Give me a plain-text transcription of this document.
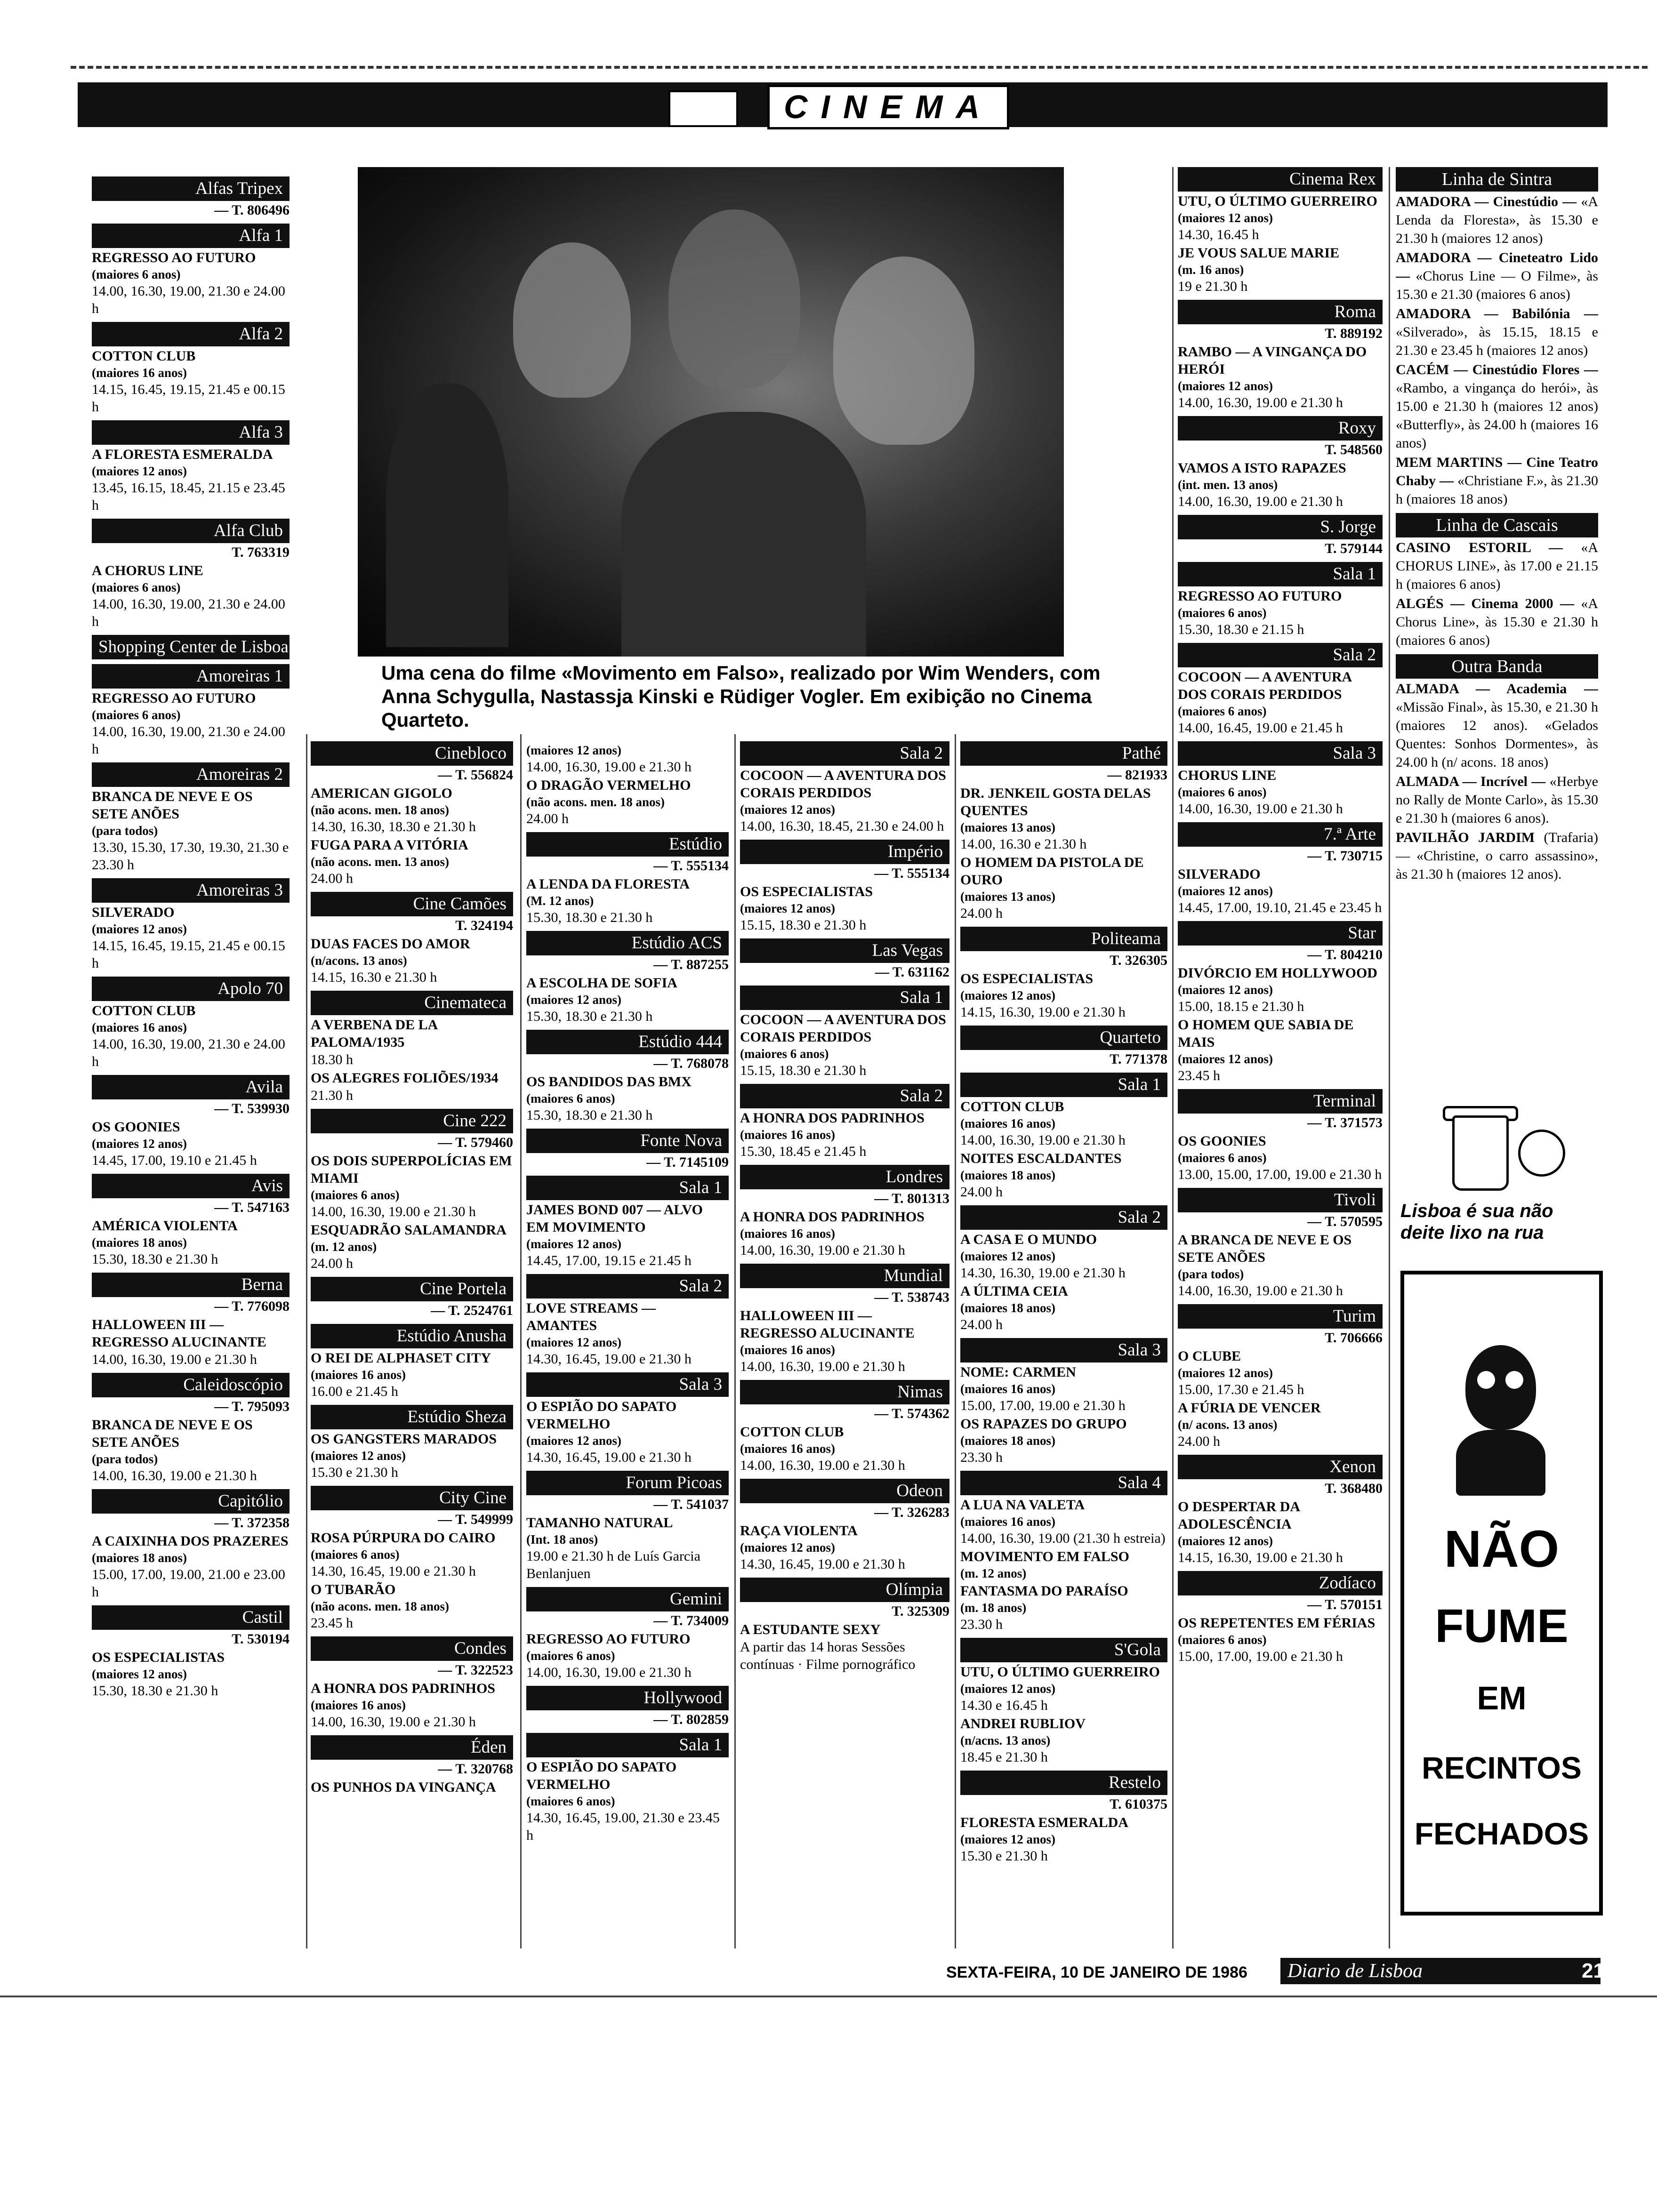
CINEMA
Uma cena do filme «Movimento em Falso», realizado por Wim Wenders, com Anna Schygulla, Nastassja Kinski e Rüdiger Vogler. Em exibição no Cinema Quarteto.
Alfas Tripex
— T. 806496
Alfa 1
REGRESSO AO FUTURO
(maiores 6 anos)
14.00, 16.30, 19.00, 21.30 e 24.00 h
Alfa 2
COTTON CLUB
(maiores 16 anos)
14.15, 16.45, 19.15, 21.45 e 00.15 h
Alfa 3
A FLORESTA ESMERALDA
(maiores 12 anos)
13.45, 16.15, 18.45, 21.15 e 23.45 h
Alfa Club
T. 763319
A CHORUS LINE
(maiores 6 anos)
14.00, 16.30, 19.00, 21.30 e 24.00 h
Shopping Center de Lisboa
Amoreiras 1
REGRESSO AO FUTURO
(maiores 6 anos)
14.00, 16.30, 19.00, 21.30 e 24.00 h
Amoreiras 2
BRANCA DE NEVE E OS SETE ANÕES
(para todos)
13.30, 15.30, 17.30, 19.30, 21.30 e 23.30 h
Amoreiras 3
SILVERADO
(maiores 12 anos)
14.15, 16.45, 19.15, 21.45 e 00.15 h
Apolo 70
COTTON CLUB
(maiores 16 anos)
14.00, 16.30, 19.00, 21.30 e 24.00 h
Avila
— T. 539930
OS GOONIES
(maiores 12 anos)
14.45, 17.00, 19.10 e 21.45 h
Avis
— T. 547163
AMÉRICA VIOLENTA
(maiores 18 anos)
15.30, 18.30 e 21.30 h
Berna
— T. 776098
HALLOWEEN III — REGRESSO ALUCINANTE
14.00, 16.30, 19.00 e 21.30 h
Caleidoscópio
— T. 795093
BRANCA DE NEVE E OS SETE ANÕES
(para todos)
14.00, 16.30, 19.00 e 21.30 h
Capitólio
— T. 372358
A CAIXINHA DOS PRAZERES
(maiores 18 anos)
15.00, 17.00, 19.00, 21.00 e 23.00 h
Castil
T. 530194
OS ESPECIALISTAS
(maiores 12 anos)
15.30, 18.30 e 21.30 h
Cinebloco
— T. 556824
AMERICAN GIGOLO
(não acons. men. 18 anos)
14.30, 16.30, 18.30 e 21.30 h
FUGA PARA A VITÓRIA
(não acons. men. 13 anos)
24.00 h
Cine Camões
T. 324194
DUAS FACES DO AMOR
(n/acons. 13 anos)
14.15, 16.30 e 21.30 h
Cinemateca
A VERBENA DE LA PALOMA/1935
18.30 h
OS ALEGRES FOLIÕES/1934
21.30 h
Cine 222
— T. 579460
OS DOIS SUPERPOLÍCIAS EM MIAMI
(maiores 6 anos)
14.00, 16.30, 19.00 e 21.30 h
ESQUADRÃO SALAMANDRA
(m. 12 anos)
24.00 h
Cine Portela
— T. 2524761
Estúdio Anusha
O REI DE ALPHASET CITY
(maiores 16 anos)
16.00 e 21.45 h
Estúdio Sheza
OS GANGSTERS MARADOS
(maiores 12 anos)
15.30 e 21.30 h
City Cine
— T. 549999
ROSA PÚRPURA DO CAIRO
(maiores 6 anos)
14.30, 16.45, 19.00 e 21.30 h
O TUBARÃO
(não acons. men. 18 anos)
23.45 h
Condes
— T. 322523
A HONRA DOS PADRINHOS
(maiores 16 anos)
14.00, 16.30, 19.00 e 21.30 h
Éden
— T. 320768
OS PUNHOS DA VINGANÇA
(maiores 12 anos)
14.00, 16.30, 19.00 e 21.30 h
O DRAGÃO VERMELHO
(não acons. men. 18 anos)
24.00 h
Estúdio
— T. 555134
A LENDA DA FLORESTA
(M. 12 anos)
15.30, 18.30 e 21.30 h
Estúdio ACS
— T. 887255
A ESCOLHA DE SOFIA
(maiores 12 anos)
15.30, 18.30 e 21.30 h
Estúdio 444
— T. 768078
OS BANDIDOS DAS BMX
(maiores 6 anos)
15.30, 18.30 e 21.30 h
Fonte Nova
— T. 7145109
Sala 1
JAMES BOND 007 — ALVO EM MOVIMENTO
(maiores 12 anos)
14.45, 17.00, 19.15 e 21.45 h
Sala 2
LOVE STREAMS — AMANTES
(maiores 12 anos)
14.30, 16.45, 19.00 e 21.30 h
Sala 3
O ESPIÃO DO SAPATO VERMELHO
(maiores 12 anos)
14.30, 16.45, 19.00 e 21.30 h
Forum Picoas
— T. 541037
TAMANHO NATURAL
(Int. 18 anos)
19.00 e 21.30 h de Luís Garcia Benlanjuen
Gemini
— T. 734009
REGRESSO AO FUTURO
(maiores 6 anos)
14.00, 16.30, 19.00 e 21.30 h
Hollywood
— T. 802859
Sala 1
O ESPIÃO DO SAPATO VERMELHO
(maiores 6 anos)
14.30, 16.45, 19.00, 21.30 e 23.45 h
Sala 2
COCOON — A AVENTURA DOS CORAIS PERDIDOS
(maiores 12 anos)
14.00, 16.30, 18.45, 21.30 e 24.00 h
Império
— T. 555134
OS ESPECIALISTAS
(maiores 12 anos)
15.15, 18.30 e 21.30 h
Las Vegas
— T. 631162
Sala 1
COCOON — A AVENTURA DOS CORAIS PERDIDOS
(maiores 6 anos)
15.15, 18.30 e 21.30 h
Sala 2
A HONRA DOS PADRINHOS
(maiores 16 anos)
15.30, 18.45 e 21.45 h
Londres
— T. 801313
A HONRA DOS PADRINHOS
(maiores 16 anos)
14.00, 16.30, 19.00 e 21.30 h
Mundial
— T. 538743
HALLOWEEN III — REGRESSO ALUCINANTE
(maiores 16 anos)
14.00, 16.30, 19.00 e 21.30 h
Nimas
— T. 574362
COTTON CLUB
(maiores 16 anos)
14.00, 16.30, 19.00 e 21.30 h
Odeon
— T. 326283
RAÇA VIOLENTA
(maiores 12 anos)
14.30, 16.45, 19.00 e 21.30 h
Olímpia
T. 325309
A ESTUDANTE SEXY
A partir das 14 horas Sessões contínuas · Filme pornográfico
Pathé
— 821933
DR. JENKEIL GOSTA DELAS QUENTES
(maiores 13 anos)
14.00, 16.30 e 21.30 h
O HOMEM DA PISTOLA DE OURO
(maiores 13 anos)
24.00 h
Politeama
T. 326305
OS ESPECIALISTAS
(maiores 12 anos)
14.15, 16.30, 19.00 e 21.30 h
Quarteto
T. 771378
Sala 1
COTTON CLUB
(maiores 16 anos)
14.00, 16.30, 19.00 e 21.30 h
NOITES ESCALDANTES
(maiores 18 anos)
24.00 h
Sala 2
A CASA E O MUNDO
(maiores 12 anos)
14.30, 16.30, 19.00 e 21.30 h
A ÚLTIMA CEIA
(maiores 18 anos)
24.00 h
Sala 3
NOME: CARMEN
(maiores 16 anos)
15.00, 17.00, 19.00 e 21.30 h
OS RAPAZES DO GRUPO
(maiores 18 anos)
23.30 h
Sala 4
A LUA NA VALETA
(maiores 16 anos)
14.00, 16.30, 19.00 (21.30 h estreia)
MOVIMENTO EM FALSO
(m. 12 anos)
FANTASMA DO PARAÍSO
(m. 18 anos)
23.30 h
S'Gola
UTU, O ÚLTIMO GUERREIRO
(maiores 12 anos)
14.30 e 16.45 h
ANDREI RUBLIOV
(n/acns. 13 anos)
18.45 e 21.30 h
Restelo
T. 610375
FLORESTA ESMERALDA
(maiores 12 anos)
15.30 e 21.30 h
Cinema Rex
UTU, O ÚLTIMO GUERREIRO
(maiores 12 anos)
14.30, 16.45 h
JE VOUS SALUE MARIE
(m. 16 anos)
19 e 21.30 h
Roma
T. 889192
RAMBO — A VINGANÇA DO HERÓI
(maiores 12 anos)
14.00, 16.30, 19.00 e 21.30 h
Roxy
T. 548560
VAMOS A ISTO RAPAZES
(int. men. 13 anos)
14.00, 16.30, 19.00 e 21.30 h
S. Jorge
T. 579144
Sala 1
REGRESSO AO FUTURO
(maiores 6 anos)
15.30, 18.30 e 21.15 h
Sala 2
COCOON — A AVENTURA DOS CORAIS PERDIDOS
(maiores 6 anos)
14.00, 16.45, 19.00 e 21.45 h
Sala 3
CHORUS LINE
(maiores 6 anos)
14.00, 16.30, 19.00 e 21.30 h
7.ª Arte
— T. 730715
SILVERADO
(maiores 12 anos)
14.45, 17.00, 19.10, 21.45 e 23.45 h
Star
— T. 804210
DIVÓRCIO EM HOLLYWOOD
(maiores 12 anos)
15.00, 18.15 e 21.30 h
O HOMEM QUE SABIA DE MAIS
(maiores 12 anos)
23.45 h
Terminal
— T. 371573
OS GOONIES
(maiores 6 anos)
13.00, 15.00, 17.00, 19.00 e 21.30 h
Tivoli
— T. 570595
A BRANCA DE NEVE E OS SETE ANÕES
(para todos)
14.00, 16.30, 19.00 e 21.30 h
Turim
T. 706666
O CLUBE
(maiores 12 anos)
15.00, 17.30 e 21.45 h
A FÚRIA DE VENCER
(n/ acons. 13 anos)
24.00 h
Xenon
T. 368480
O DESPERTAR DA ADOLESCÊNCIA
(maiores 12 anos)
14.15, 16.30, 19.00 e 21.30 h
Zodíaco
— T. 570151
OS REPETENTES EM FÉRIAS
(maiores 6 anos)
15.00, 17.00, 19.00 e 21.30 h
Linha de Sintra
AMADORA — Cinestúdio — «A Lenda da Floresta», às 15.30 e 21.30 h (maiores 12 anos)
AMADORA — Cineteatro Lido — «Chorus Line — O Filme», às 15.30 e 21.30 (maiores 6 anos)
AMADORA — Babilónia — «Silverado», às 15.15, 18.15 e 21.30 e 23.45 h (maiores 12 anos)
CACÉM — Cinestúdio Flores — «Rambo, a vingança do herói», às 15.00 e 21.30 h (maiores 12 anos) «Butterfly», às 24.00 h (maiores 16 anos)
MEM MARTINS — Cine Teatro Chaby — «Christiane F.», às 21.30 h (maiores 18 anos)
Linha de Cascais
CASINO ESTORIL — «A CHORUS LINE», às 17.00 e 21.15 h (maiores 6 anos)
ALGÉS — Cinema 2000 — «A Chorus Line», às 15.30 e 21.30 h (maiores 6 anos)
Outra Banda
ALMADA — Academia — «Missão Final», às 15.30, e 21.30 h (maiores 12 anos). «Gelados Quentes: Sonhos Dormentes», às 24.00 h (n/ acons. 18 anos)
ALMADA — Incrível — «Herbye no Rally de Monte Carlo», às 15.30 e 21.30 h (maiores 6 anos).
PAVILHÃO JARDIM (Trafaria) — «Christine, o carro assassino», às 21.30 h (maiores 12 anos).
Lisboa é sua não deite lixo na rua
NÃO
FUME
EM
RECINTOS
FECHADOS
SEXTA-FEIRA, 10 DE JANEIRO DE 1986 Diario de Lisboa	21
